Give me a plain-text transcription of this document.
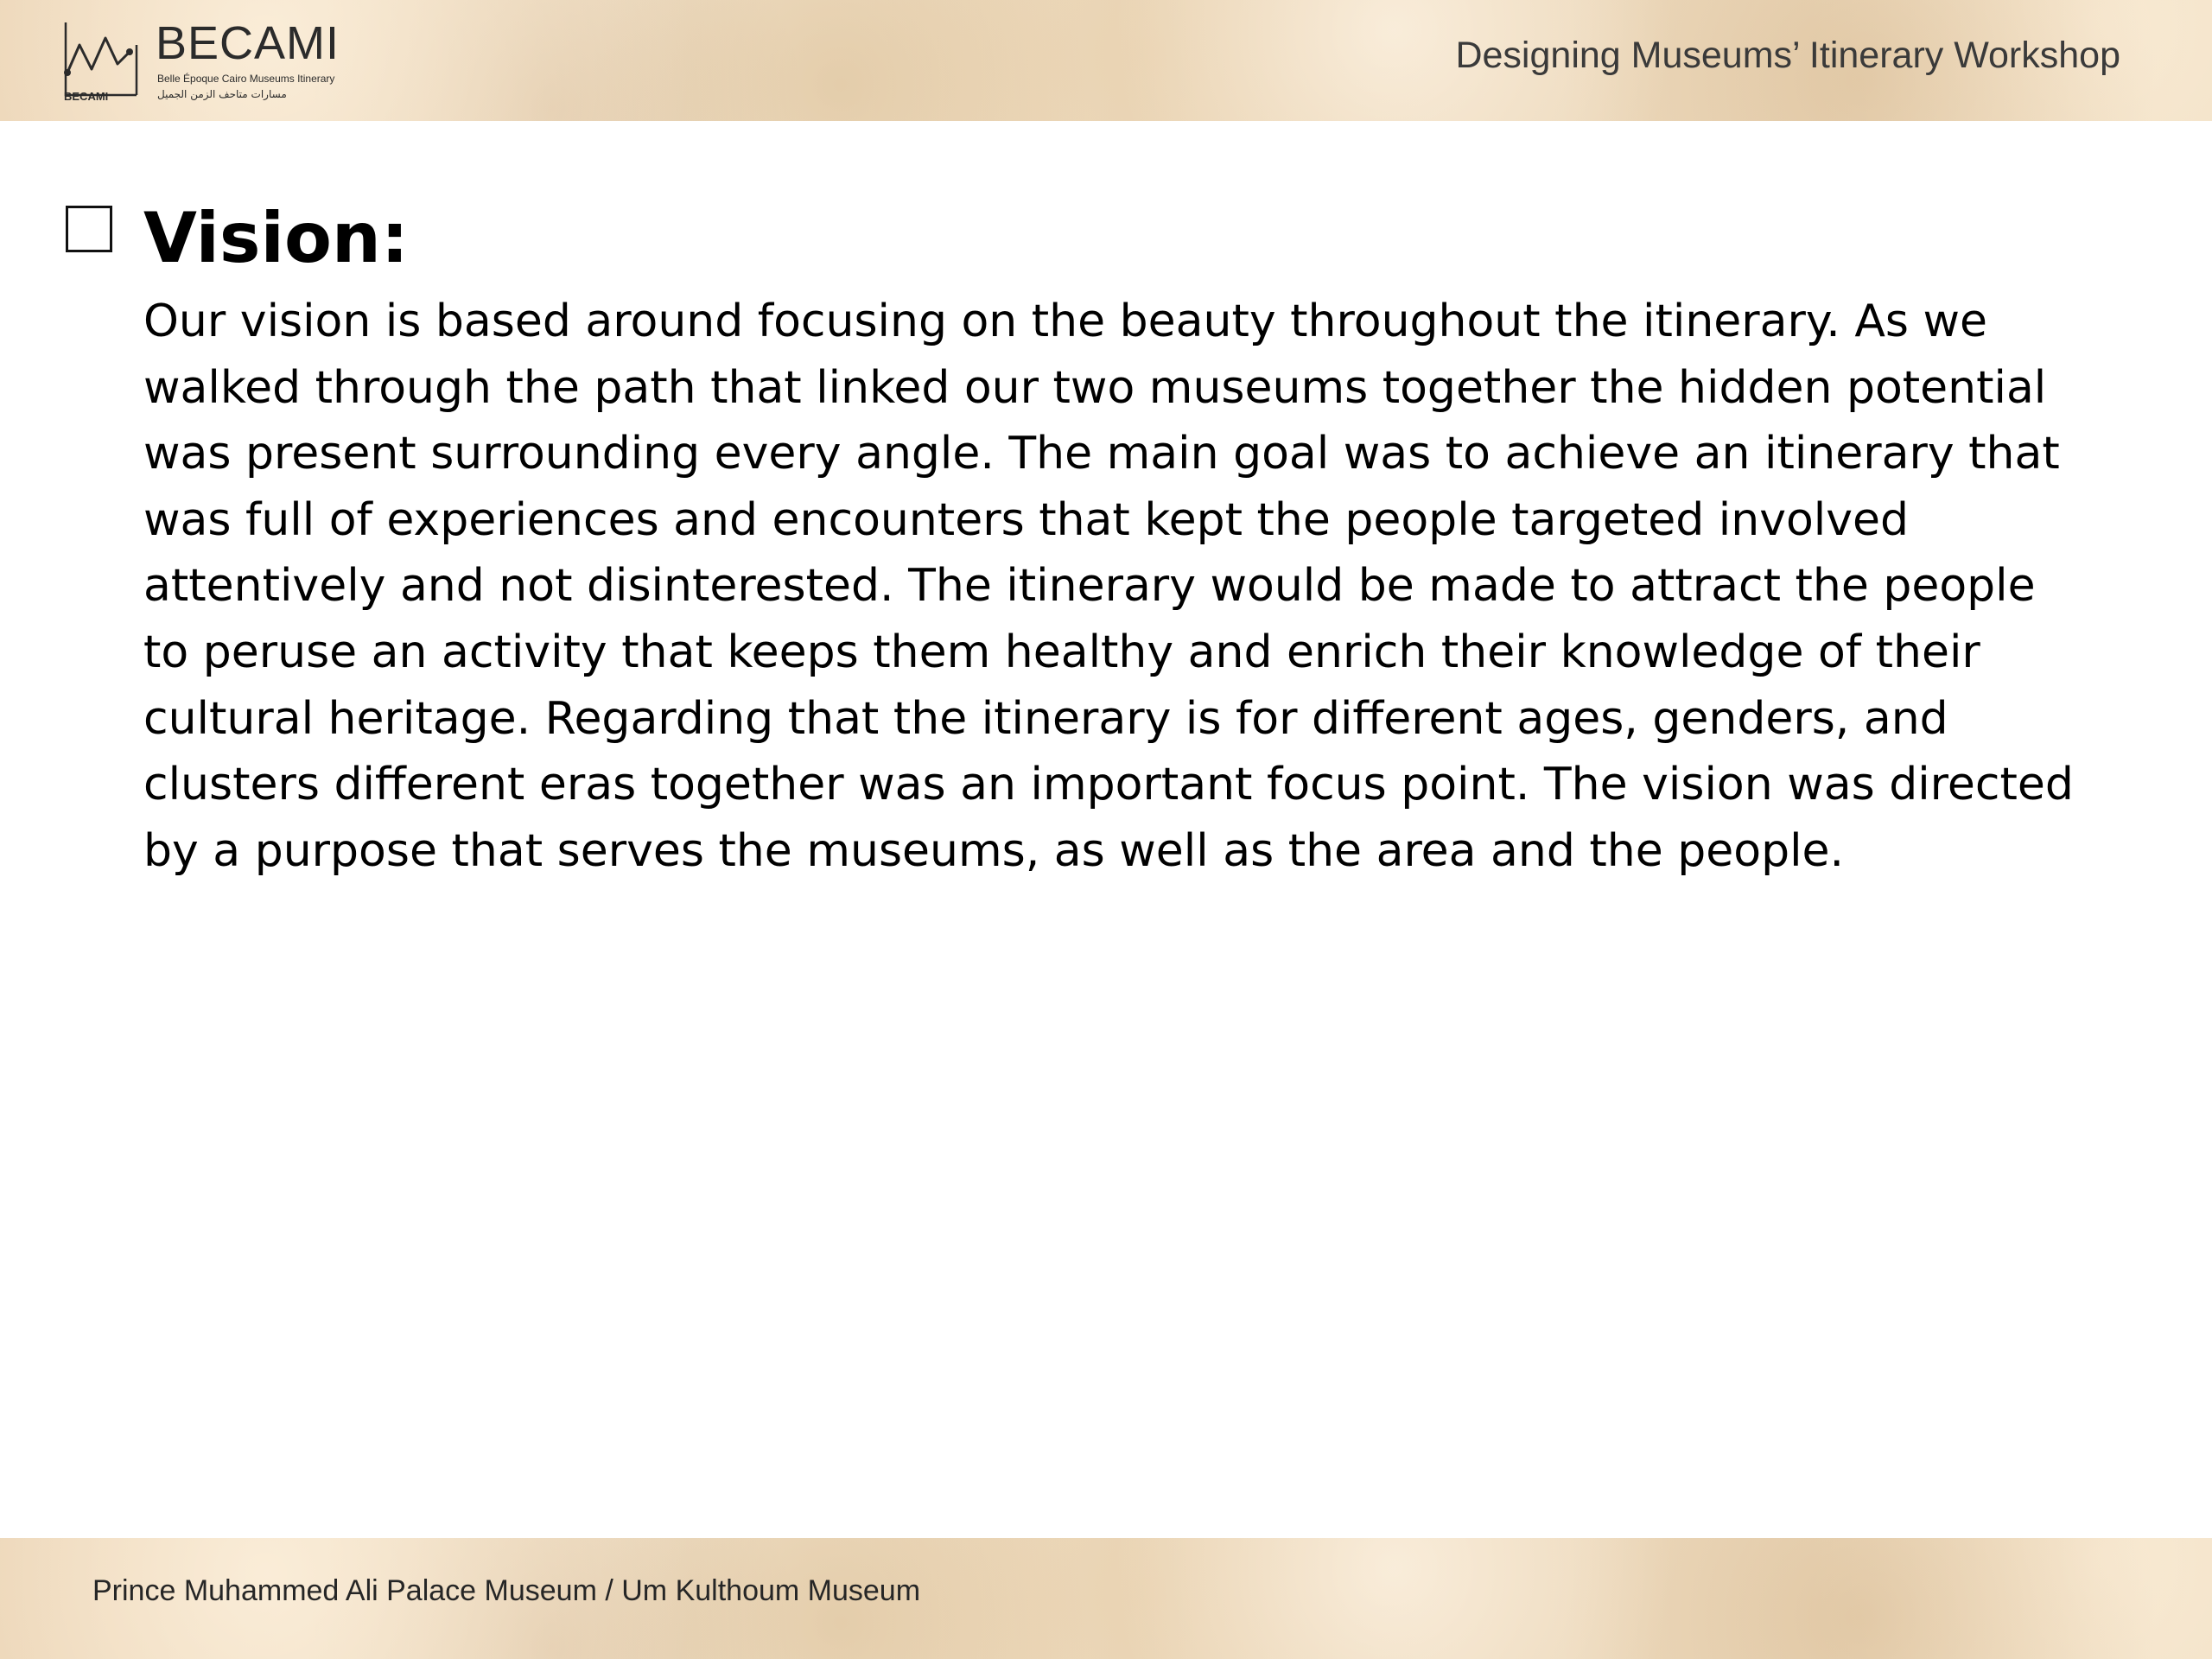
BECAMI
Belle Époque Cairo Museums Itinerary
مسارات متاحف الزمن الجميل
BECAMI
Designing Museums’ Itinerary Workshop
Vision:

Our vision is based around focusing on the beauty throughout the itinerary. As we walked through the path that linked our two museums together the hidden potential was present surrounding every angle. The main goal was to achieve an itinerary that was full of experiences and encounters that kept the people targeted involved attentively and not disinterested. The itinerary would be made to attract the people to peruse an activity that keeps them healthy and enrich their knowledge of their cultural heritage. Regarding that the itinerary is for different ages, genders, and clusters different eras together was an important focus point. The vision was directed by a purpose that serves the museums, as well as the area and the people.

Prince Muhammed Ali Palace Museum / Um Kulthoum Museum
